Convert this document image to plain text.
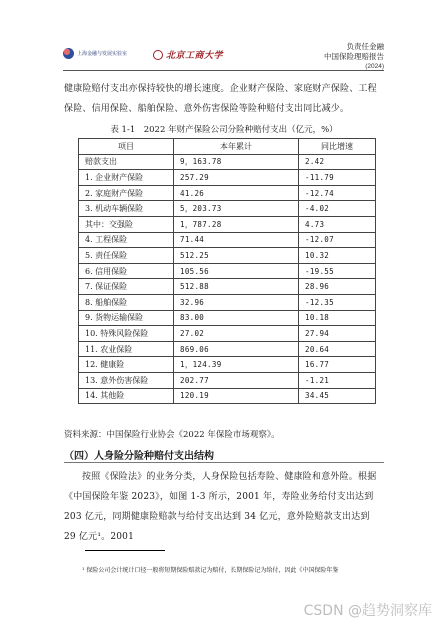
上海金融与发展实验室	北京工商大学
负责任金融
中国保险理赔报告
(2024)
健康险赔付支出亦保持较快的增长速度。企业财产保险、家庭财产保险、工程保险、信用保险、船舶保险、意外伤害保险等险种赔付支出同比减少。
表 1-1　2022 年财产保险公司分险种赔付支出（亿元，%）
项目	本年累计	同比增速
赔款支出	9，163.78	2.42
1. 企业财产保险	257.29	-11.79
2. 家庭财产保险	41.26	-12.74
3. 机动车辆保险	5，203.73	-4.02
其中：交强险	1，787.28	4.73
4. 工程保险	71.44	-12.07
5. 责任保险	512.25	10.32
6. 信用保险	105.56	-19.55
7. 保证保险	512.88	28.96
8. 船舶保险	32.96	-12.35
9. 货物运输保险	83.00	10.18
10. 特殊风险保险	27.02	27.94
11. 农业保险	869.06	20.64
12. 健康险	1，124.39	16.77
13. 意外伤害保险	202.77	-1.21
14. 其他险	120.19	34.45
资料来源：中国保险行业协会《2022 年保险市场观察》。
（四）人身险分险种赔付支出结构
按照《保险法》的业务分类，人身保险包括寿险、健康险和意外险。根据《中国保险年鉴 2023》，如图 1-3 所示，2001 年，寿险业务给付支出达到 203 亿元，同期健康险赔款与给付支出达到 34 亿元，意外险赔款支出达到 29 亿元¹。2001
¹ 保险公司会计统计口径一般将短期保险赔款记为赔付，长期保险记为给付，因此《中国保险年鉴
CSDN @趋势洞察库
